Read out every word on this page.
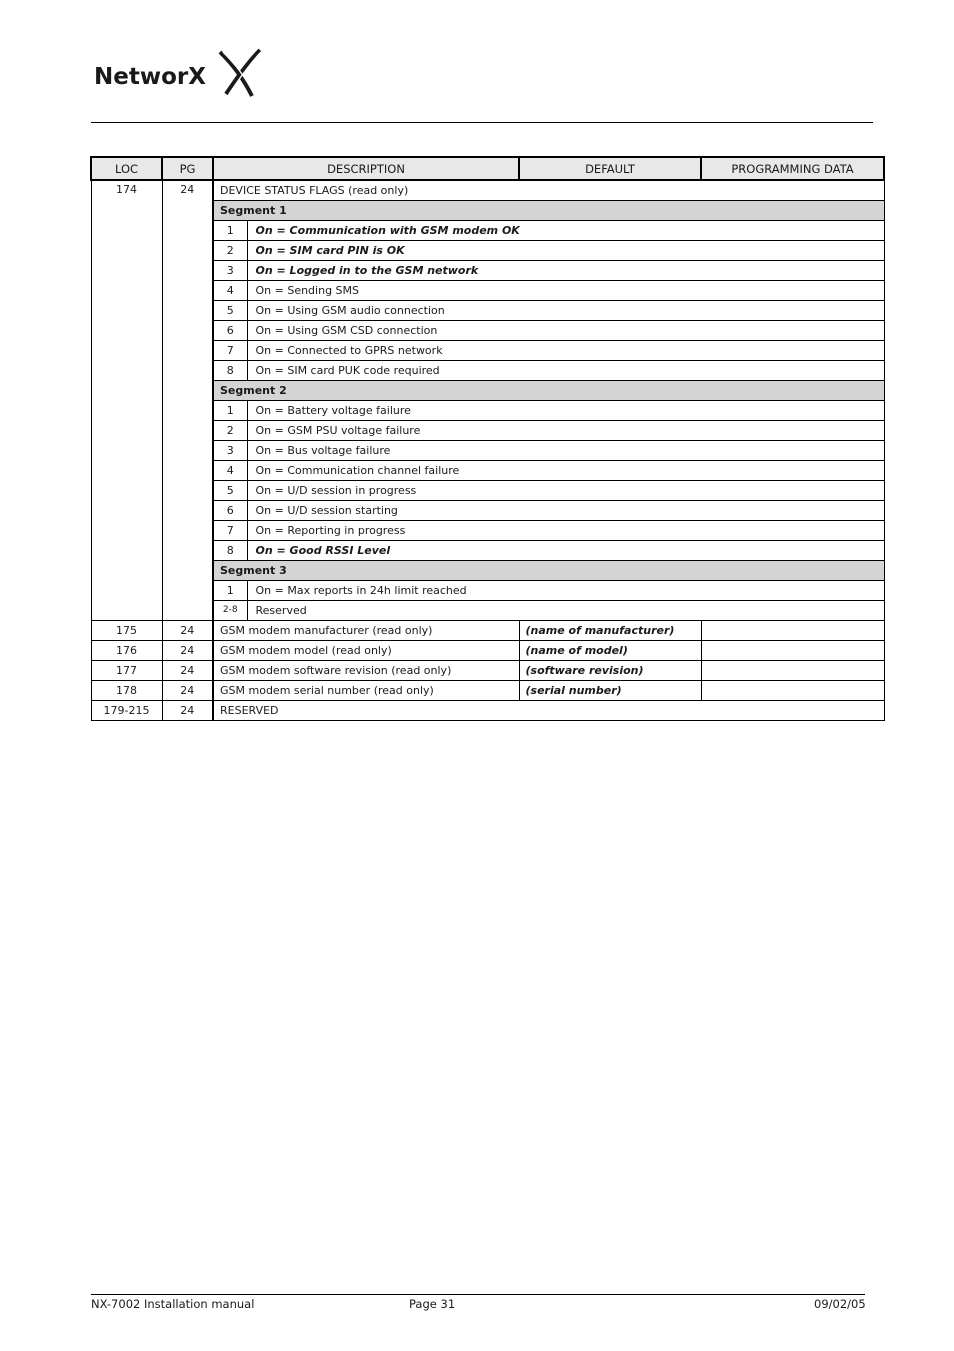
NetworX
LOC	PG	DESCRIPTION		DEFAULT	PROGRAMMING DATA
174	24	DEVICE STATUS FLAGS (read only)			
		Segment 1			
		1	On = Communication with GSM modem OK		
		2	On = SIM card PIN is OK		
		3	On = Logged in to the GSM network		
		4	On = Sending SMS		
		5	On = Using GSM audio connection		
		6	On = Using GSM CSD connection		
		7	On = Connected to GPRS network		
		8	On = SIM card PUK code required		
		Segment 2			
		1	On = Battery voltage failure		
		2	On = GSM PSU voltage failure		
		3	On = Bus voltage failure		
		4	On = Communication channel failure		
		5	On = U/D session in progress		
		6	On = U/D session starting		
		7	On = Reporting in progress		
		8	On = Good RSSI Level		
		Segment 3			
		1	On = Max reports in 24h limit reached		
		2-8	Reserved		
175	24	GSM modem manufacturer (read only)		(name of manufacturer)	
176	24	GSM modem model (read only)		(name of model)	
177	24	GSM modem software revision (read only)		(software revision)	
178	24	GSM modem serial number (read only)		(serial number)	
179-215	24	RESERVED			
NX-7002 Installation manual	Page 31	09/02/05
